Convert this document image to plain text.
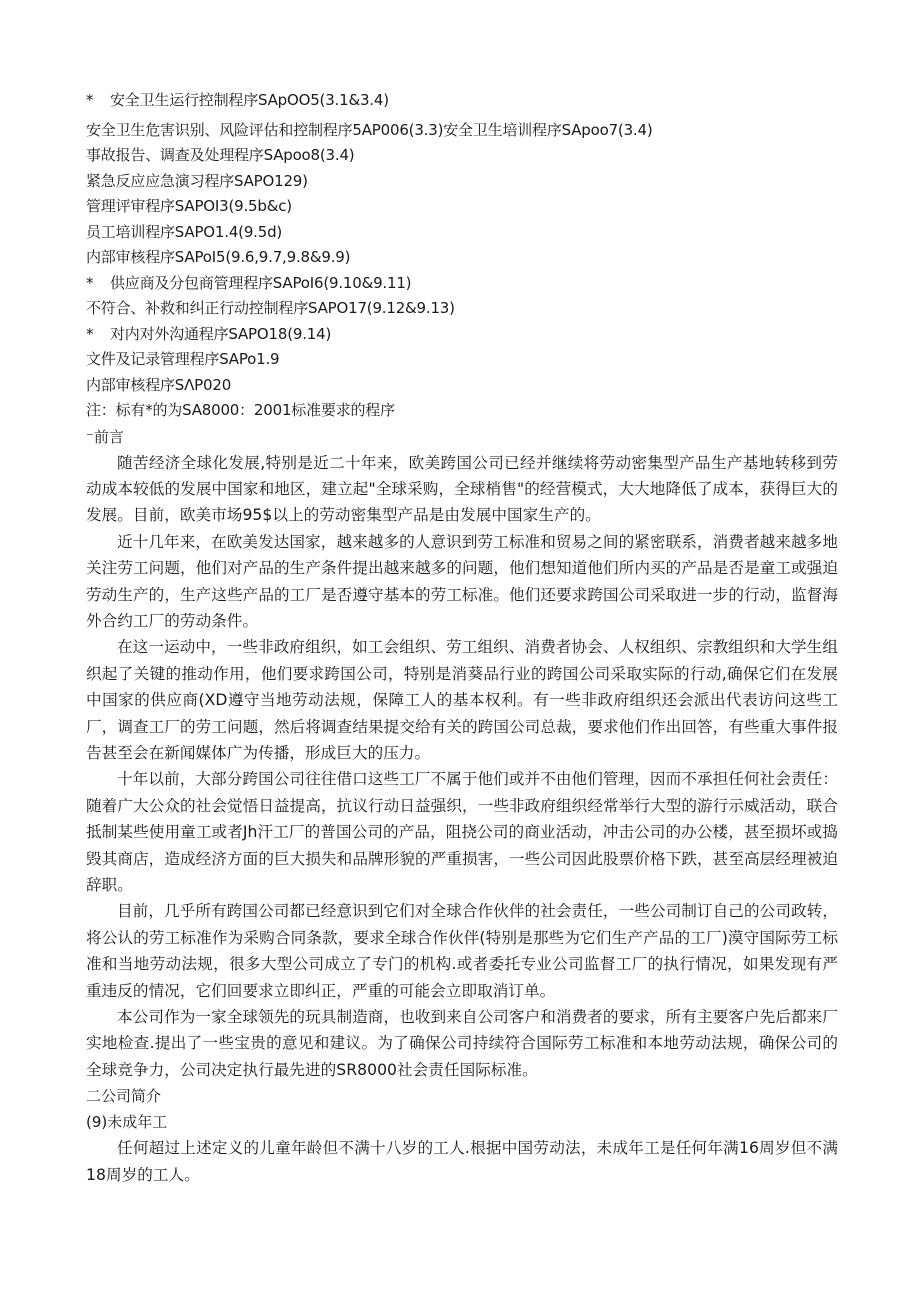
* 安全卫生运行控制程序SApOO5(3.1&3.4)
安全卫生危害识别、风险评估和控制程序5AP006(3.3)安全卫生培训程序SApoo7(3.4)
事故报告、调查及处理程序SApoo8(3.4)
紧急反应应急演习程序SAPO129)
管理评审程序SAPOI3(9.5b&c)
员工培训程序SAPO1.4(9.5d)
内部审核程序SAPoI5(9.6,9.7,9.8&9.9)
* 供应商及分包商管理程序SAPoI6(9.10&9.11)
不符合、补救和纠正行动控制程序SAPO17(9.12&9.13)
* 对内对外沟通程序SAPO18(9.14)
文件及记录管理程序SAPo1.9
内部审核程序SΛP020
注：标有*的为SA8000：2001标准要求的程序
⁻前言

随苦经济全球化发展,特别是近二十年来，欧美跨国公司已经并继续将劳动密集型产品生产基地转移到劳动成本较低的发展中国家和地区，建立起"全球采购，全球梢售"的经营模式，大大地降低了成本，获得巨大的发展。目前，欧美市场95$以上的劳动密集型产品是由发展中国家生产的。

近十几年来，在欧美发达国家，越来越多的人意识到劳工标准和贸易之间的紧密联系，消费者越来越多地关注劳工问题，他们对产品的生产条件提出越来越多的问题，他们想知道他们所内买的产品是否是童工或强迫劳动生产的，生产这些产品的工厂是否遵守基本的劳工标准。他们还要求跨国公司采取进一步的行动，监督海外合约工厂的劳动条件。

在这一运动中，一些非政府组织，如工会组织、劳工组织、消费者协会、人权组织、宗教组织和大学生组织起了关键的推动作用，他们要求跨国公司，特别是消葵品行业的跨国公司采取实际的行动,确保它们在发展中国家的供应商(XD遵守当地劳动法规，保障工人的基本权利。有一些非政府组织还会派出代表访问这些工厂，调查工厂的劳工问题，然后将调查结果提交给有关的跨国公司总裁，要求他们作出回答，有些重大事件报告甚至会在新闻媒体广为传播，形成巨大的压力。

十年以前，大部分跨国公司往往借口这些工厂不属于他们或并不由他们管理，因而不承担任何社会责任：随着广大公众的社会觉悟日益提高，抗议行动日益强织，一些非政府组织经常举行大型的游行示威活动，联合抵制某些使用童工或者Jh汗工厂的普国公司的产品，阻挠公司的商业活动，冲击公司的办公楼，甚至损坏或捣毁其商店，造成经济方面的巨大损失和品牌形貌的严重损害，一些公司因此股票价格下跌，甚至高层经理被迫辞职。

目前，几乎所有跨国公司都已经意识到它们对全球合作伙伴的社会责任，一些公司制订自己的公司政转，将公认的劳工标准作为采购合同条款，要求全球合作伙伴(特别是那些为它们生产产品的工厂)漠守国际劳工标准和当地劳动法规，很多大型公司成立了专门的机构.或者委托专业公司监督工厂的执行情况，如果发现有严重违反的情况，它们回要求立即纠正，严重的可能会立即取消订单。

本公司作为一家全球领先的玩具制造商，也收到来自公司客户和消费者的要求，所有主要客户先后都来厂实地检查.提出了一些宝贵的意见和建议。为了确保公司持续符合国际劳工标准和本地劳动法规，确保公司的全球竞争力，公司决定执行最先进的SR8000社会责任国际标准。

二公司简介
(9)未成年工

任何超过上述定义的儿童年龄但不满十八岁的工人.根据中国劳动法，未成年工是任何年满16周岁但不满18周岁的工人。
